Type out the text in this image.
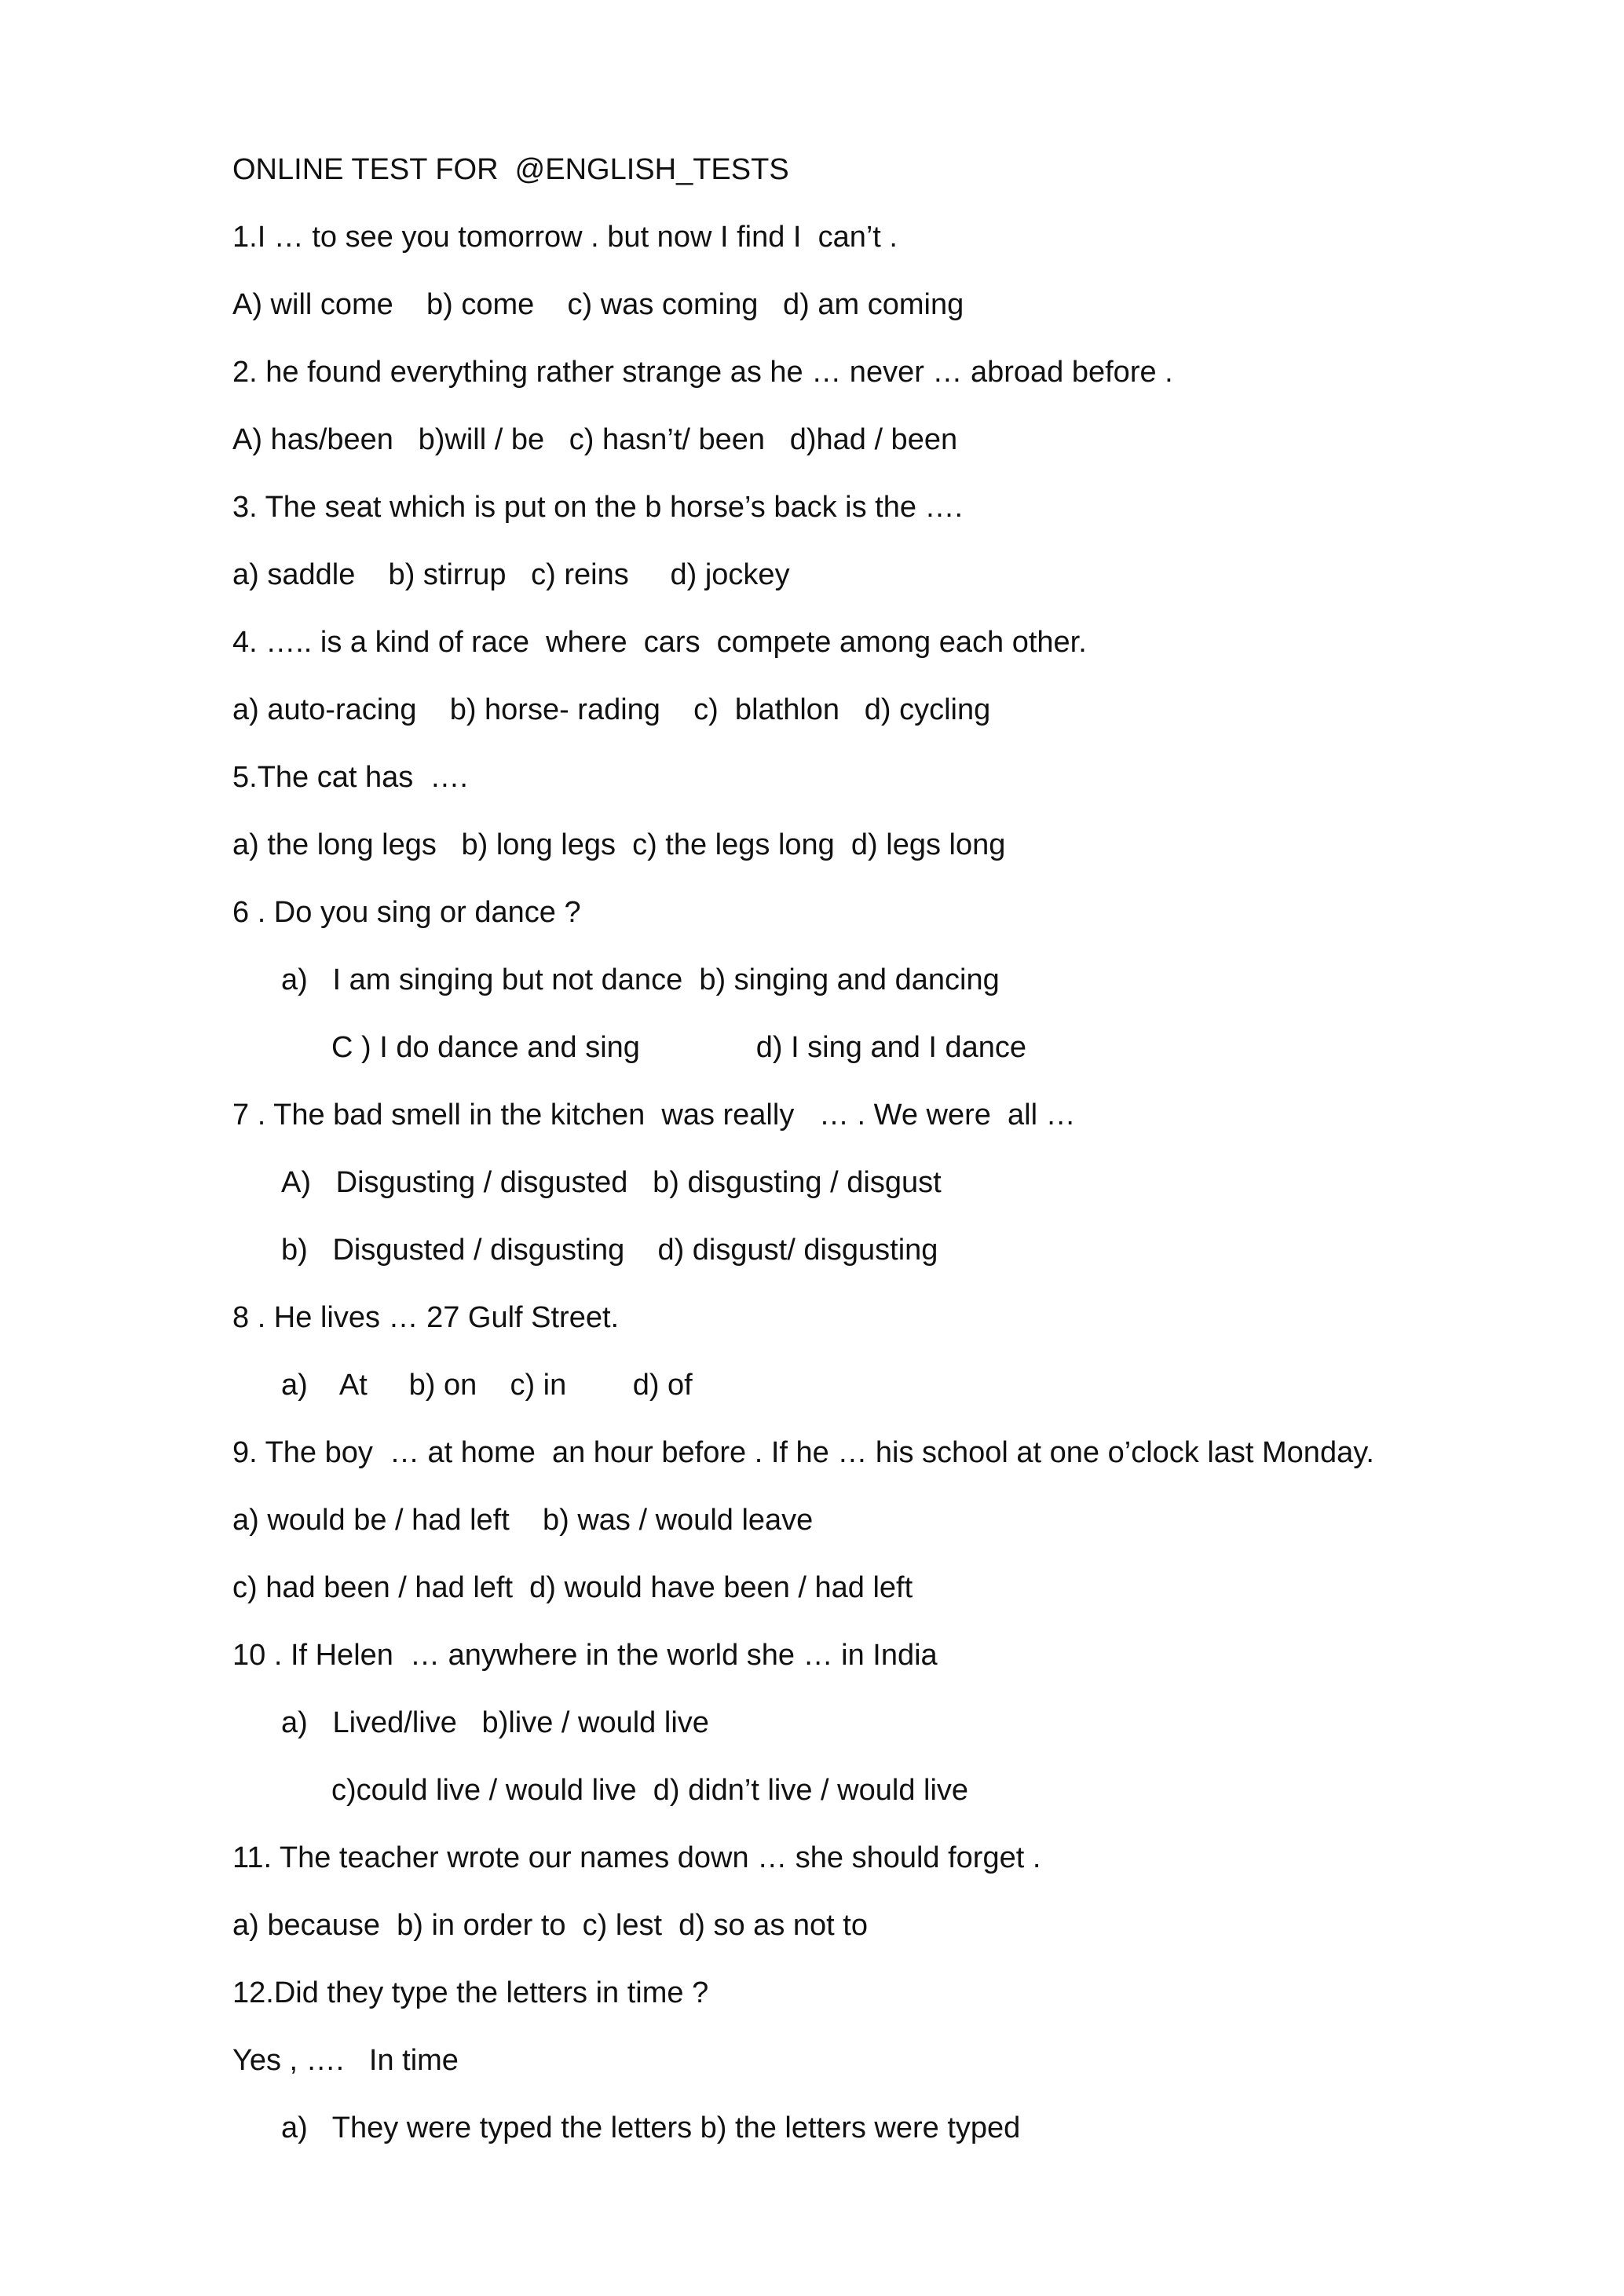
ONLINE TEST FOR  @ENGLISH_TESTS
1.I … to see you tomorrow . but now I find I  can’t .
A) will come    b) come    c) was coming   d) am coming
2. he found everything rather strange as he … never … abroad before .
A) has/been   b)will / be   c) hasn’t/ been   d)had / been
3. The seat which is put on the b horse’s back is the ….
a) saddle    b) stirrup   c) reins     d) jockey
4. ….. is a kind of race  where  cars  compete among each other.
a) auto-racing    b) horse- rading    c)  blathlon   d) cycling
5.The cat has  ….
a) the long legs   b) long legs  c) the legs long  d) legs long
6 . Do you sing or dance ?
a)   I am singing but not dance  b) singing and dancing
C ) I do dance and sing              d) I sing and I dance
7 . The bad smell in the kitchen  was really   … . We were  all …
A)   Disgusting / disgusted   b) disgusting / disgust
b)   Disgusted / disgusting    d) disgust/ disgusting
8 . He lives … 27 Gulf Street.
a)    At     b) on    c) in        d) of
9. The boy  … at home  an hour before . If he … his school at one o’clock last Monday.
a) would be / had left    b) was / would leave
c) had been / had left  d) would have been / had left
10 . If Helen  … anywhere in the world she … in India
a)   Lived/live   b)live / would live
c)could live / would live  d) didn’t live / would live
11. The teacher wrote our names down … she should forget .
a) because  b) in order to  c) lest  d) so as not to
12.Did they type the letters in time ?
Yes , ….   In time
a)   They were typed the letters b) the letters were typed
